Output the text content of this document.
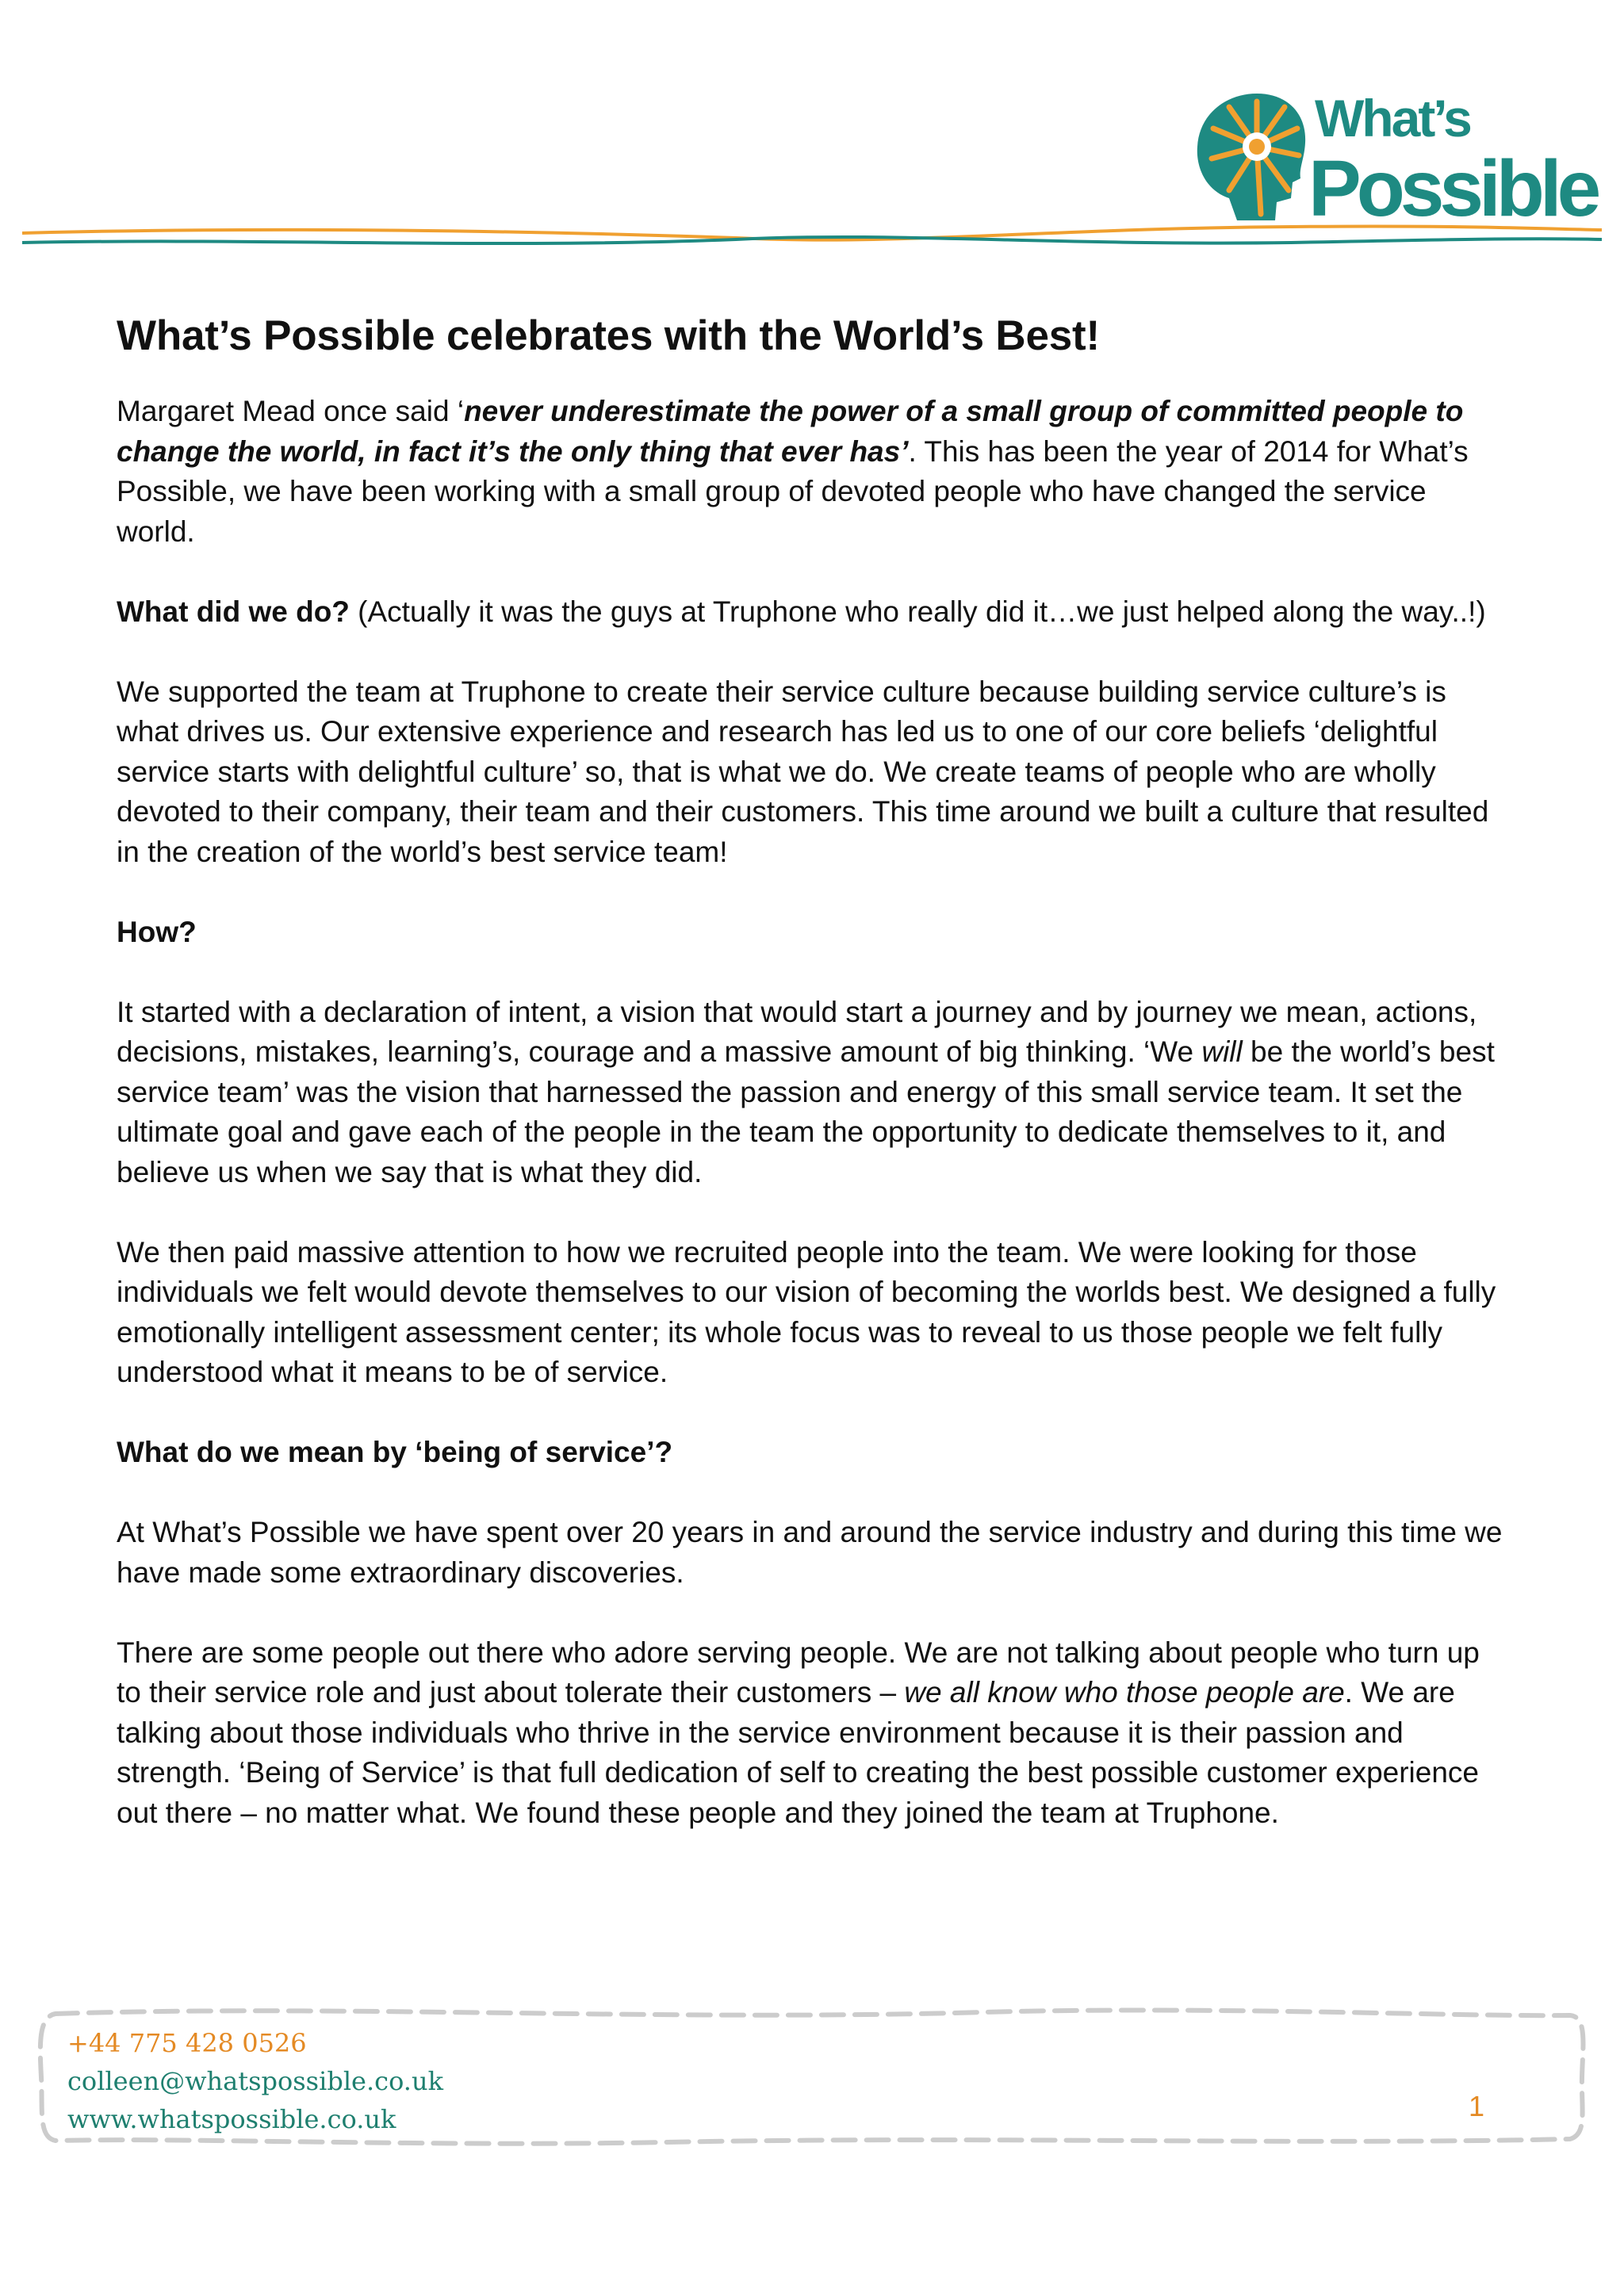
What’s
Possible
What’s Possible celebrates with the World’s Best!

Margaret Mead once said ‘never underestimate the power of a small group of committed people to change the world, in fact it’s the only thing that ever has’. This has been the year of 2014 for What’s Possible, we have been working with a small group of devoted people who have changed the service world.

What did we do? (Actually it was the guys at Truphone who really did it…we just helped along the way..!)

We supported the team at Truphone to create their service culture because building service culture’s is what drives us. Our extensive experience and research has led us to one of our core beliefs ‘delightful service starts with delightful culture’ so, that is what we do. We create teams of people who are wholly devoted to their company, their team and their customers. This time around we built a culture that resulted in the creation of the world’s best service team!

How?

It started with a declaration of intent, a vision that would start a journey and by journey we mean, actions, decisions, mistakes, learning’s, courage and a massive amount of big thinking. ‘We will be the world’s best service team’ was the vision that harnessed the passion and energy of this small service team. It set the ultimate goal and gave each of the people in the team the opportunity to dedicate themselves to it, and believe us when we say that is what they did.

We then paid massive attention to how we recruited people into the team. We were looking for those individuals we felt would devote themselves to our vision of becoming the worlds best. We designed a fully emotionally intelligent assessment center; its whole focus was to reveal to us those people we felt fully understood what it means to be of service.

What do we mean by ‘being of service’?

At What’s Possible we have spent over 20 years in and around the service industry and during this time we have made some extraordinary discoveries.

There are some people out there who adore serving people. We are not talking about people who turn up to their service role and just about tolerate their customers – we all know who those people are. We are talking about those individuals who thrive in the service environment because it is their passion and strength. ‘Being of Service’ is that full dedication of self to creating the best possible customer experience out there – no matter what. We found these people and they joined the team at Truphone.

+44 775 428 0526
colleen@whatspossible.co.uk
www.whatspossible.co.uk	1
